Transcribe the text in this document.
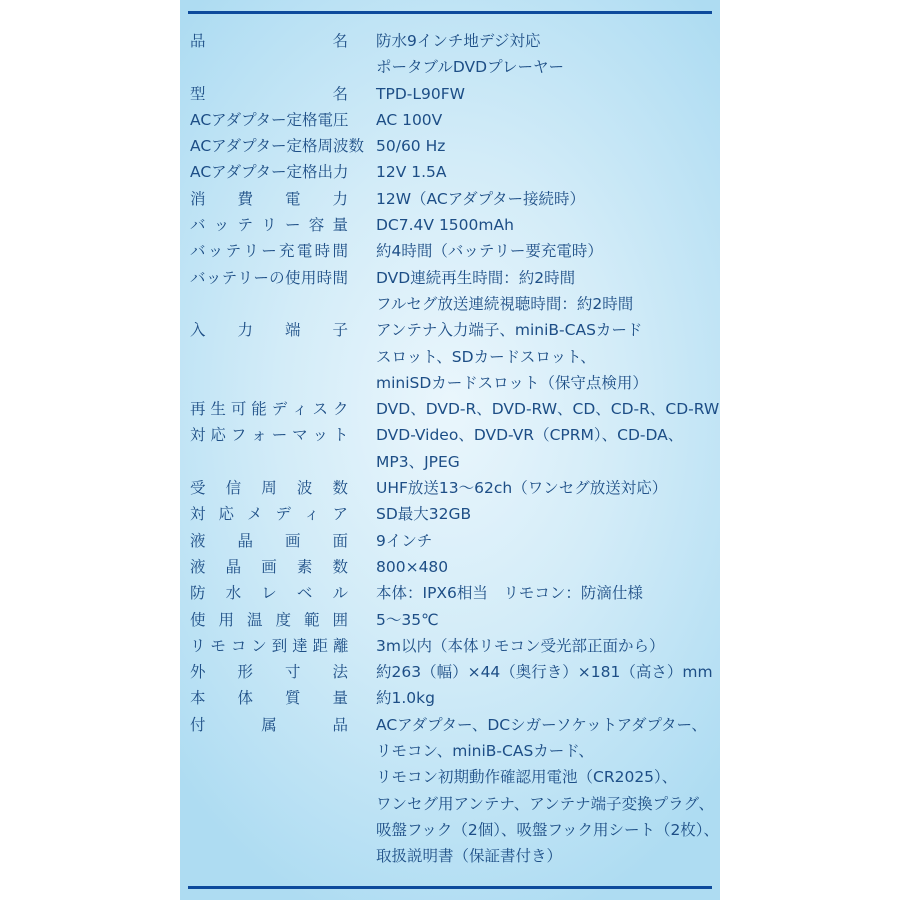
品　名 防水9インチ地デジ対応
ポータブルDVDプレーヤー
型　名 TPD-L90FW
ACアダプター定格電圧 AC 100V
ACアダプター定格周波数 50/60 Hz
ACアダプター定格出力 12V 1.5A
消 費 電 力 12W（ACアダプター接続時）
バ ッ テ リ ー 容 量 DC7.4V 1500mAh
バッテリー充電時間 約4時間（バッテリー要充電時）
バッテリーの使用時間 DVD連続再生時間：約2時間
フルセグ放送連続視聴時間：約2時間
入 力 端 子 アンテナ入力端子、miniB-CASカード
スロット、SDカードスロット、
miniSDカードスロット（保守点検用）
再 生 可 能 デ ィ ス ク DVD、DVD-R、DVD-RW、CD、CD-R、CD-RW
対 応 フ ォ ー マ ッ ト DVD-Video、DVD-VR（CPRM）、CD-DA、
MP3、JPEG
受 信 周 波 数 UHF放送13～62ch（ワンセグ放送対応）
対 応 メ デ ィ ア SD最大32GB
液 晶 画 面 9インチ
液 晶 画 素 数 800×480
防 水 レ ベ ル 本体：IPX6相当　リモコン：防滴仕様
使 用 温 度 範 囲 5～35℃
リ モ コ ン 到 達 距 離 3m以内（本体リモコン受光部正面から）
外 形 寸 法 約263（幅）×44（奥行き）×181（高さ）mm
本 体 質 量 約1.0kg
付 属 品 ACアダプター、DCシガーソケットアダプター、
リモコン、miniB-CASカード、
リモコン初期動作確認用電池（CR2025）、
ワンセグ用アンテナ、アンテナ端子変換プラグ、
吸盤フック（2個）、吸盤フック用シート（2枚）、
取扱説明書（保証書付き）
